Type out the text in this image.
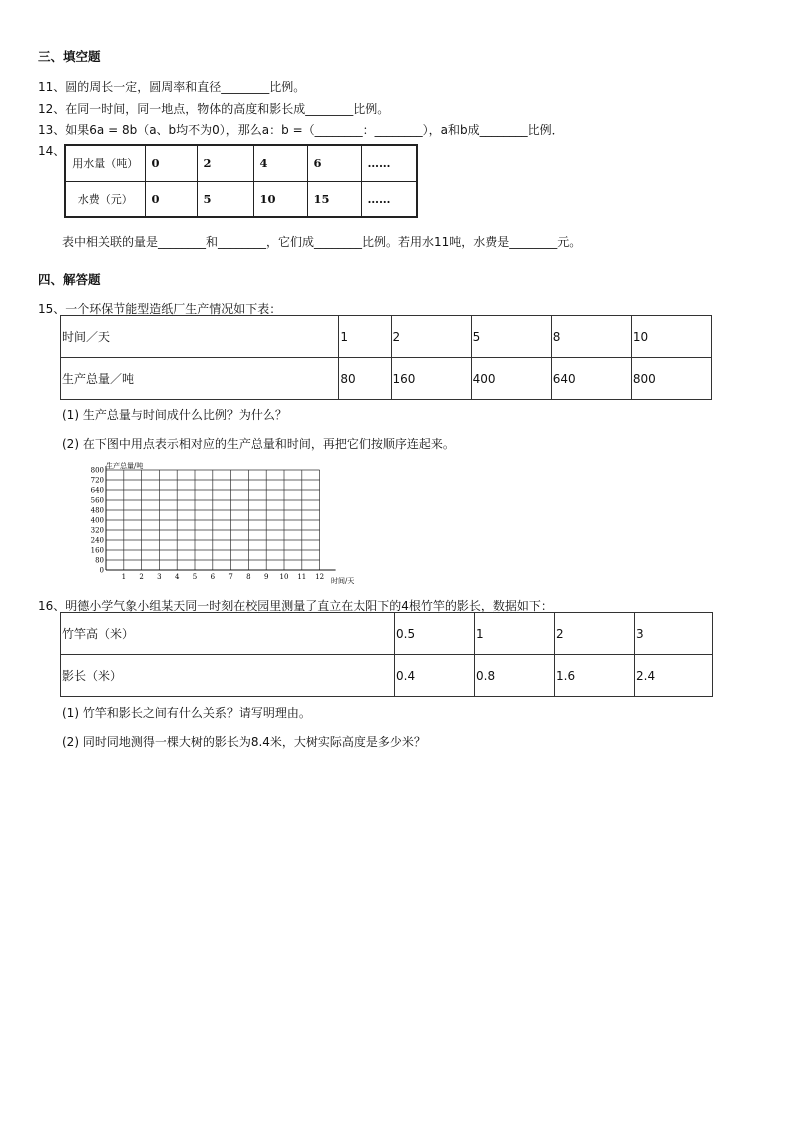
三、填空题
11、圆的周长一定，圆周率和直径________比例。
12、在同一时间，同一地点，物体的高度和影长成________比例。
13、如果6a = 8b（a、b均不为0），那么a：b =（________：________），a和b成________比例．
14、
用水量（吨）	0	2	4	6	……
水费（元）	0	5	10	15	……
表中相关联的量是________和________，它们成________比例。若用水11吨，水费是________元。
四、解答题
15、一个环保节能型造纸厂生产情况如下表：
时间／天	1	2	5	8	10
生产总量／吨	80	160	400	640	800
(1) 生产总量与时间成什么比例？为什么？
(2) 在下图中用点表示相对应的生产总量和时间，再把它们按顺序连起来。
生产总量/吨
时间/天
800
720
640
560
480
400
320
240
160
80
0
1 2 3 4 5 6 7 8 9 10 11 12
16、明德小学气象小组某天同一时刻在校园里测量了直立在太阳下的4根竹竿的影长，数据如下：
竹竿高（米）	0.5	1	2	3
影长（米）	0.4	0.8	1.6	2.4
(1) 竹竿和影长之间有什么关系？请写明理由。
(2) 同时同地测得一棵大树的影长为8.4米，大树实际高度是多少米？
